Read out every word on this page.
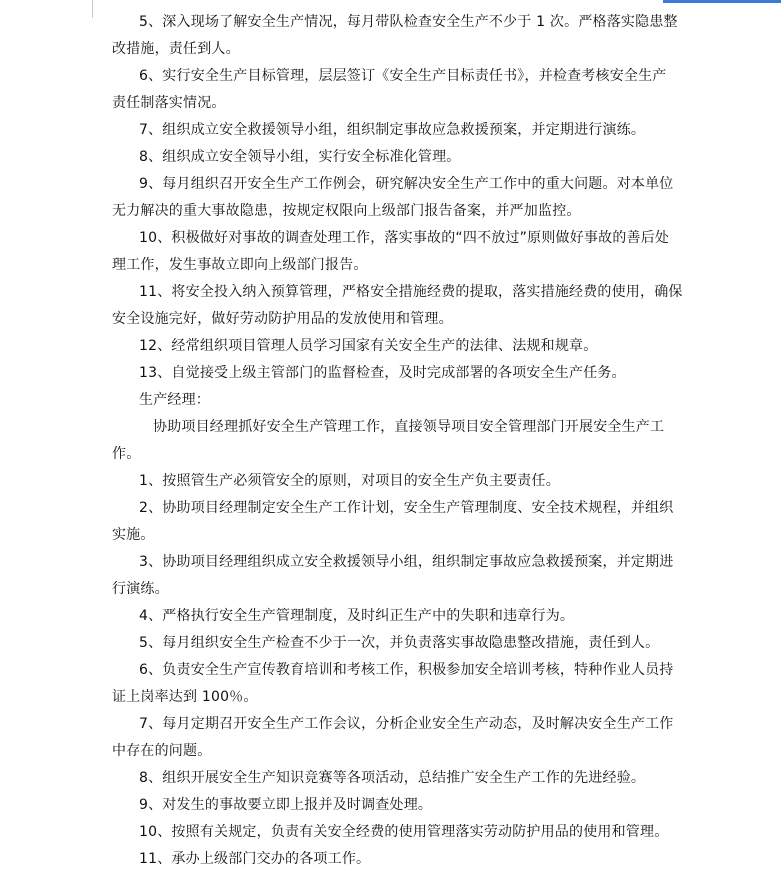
5、深入现场了解安全生产情况，每月带队检查安全生产不少于 1 次。严格落实隐患整

改措施，责任到人。

6、实行安全生产目标管理，层层签订《安全生产目标责任书》，并检查考核安全生产

责任制落实情况。

7、组织成立安全救援领导小组，组织制定事故应急救援预案，并定期进行演练。

8、组织成立安全领导小组，实行安全标准化管理。

9、每月组织召开安全生产工作例会，研究解决安全生产工作中的重大问题。对本单位

无力解决的重大事故隐患，按规定权限向上级部门报告备案，并严加监控。

10、积极做好对事故的调查处理工作，落实事故的“四不放过”原则做好事故的善后处

理工作，发生事故立即向上级部门报告。

11、将安全投入纳入预算管理，严格安全措施经费的提取，落实措施经费的使用，确保

安全设施完好，做好劳动防护用品的发放使用和管理。

12、经常组织项目管理人员学习国家有关安全生产的法律、法规和规章。

13、自觉接受上级主管部门的监督检查，及时完成部署的各项安全生产任务。

生产经理：

协助项目经理抓好安全生产管理工作，直接领导项目安全管理部门开展安全生产工

作。

1、按照管生产必须管安全的原则，对项目的安全生产负主要责任。

2、协助项目经理制定安全生产工作计划，安全生产管理制度、安全技术规程，并组织

实施。

3、协助项目经理组织成立安全救援领导小组，组织制定事故应急救援预案，并定期进

行演练。

4、严格执行安全生产管理制度，及时纠正生产中的失职和违章行为。

5、每月组织安全生产检查不少于一次，并负责落实事故隐患整改措施，责任到人。

6、负责安全生产宣传教育培训和考核工作，积极参加安全培训考核，特种作业人员持

证上岗率达到 100％。

7、每月定期召开安全生产工作会议，分析企业安全生产动态，及时解决安全生产工作

中存在的问题。

8、组织开展安全生产知识竞赛等各项活动，总结推广安全生产工作的先进经验。

9、对发生的事故要立即上报并及时调查处理。

10、按照有关规定，负责有关安全经费的使用管理落实劳动防护用品的使用和管理。

11、承办上级部门交办的各项工作。
